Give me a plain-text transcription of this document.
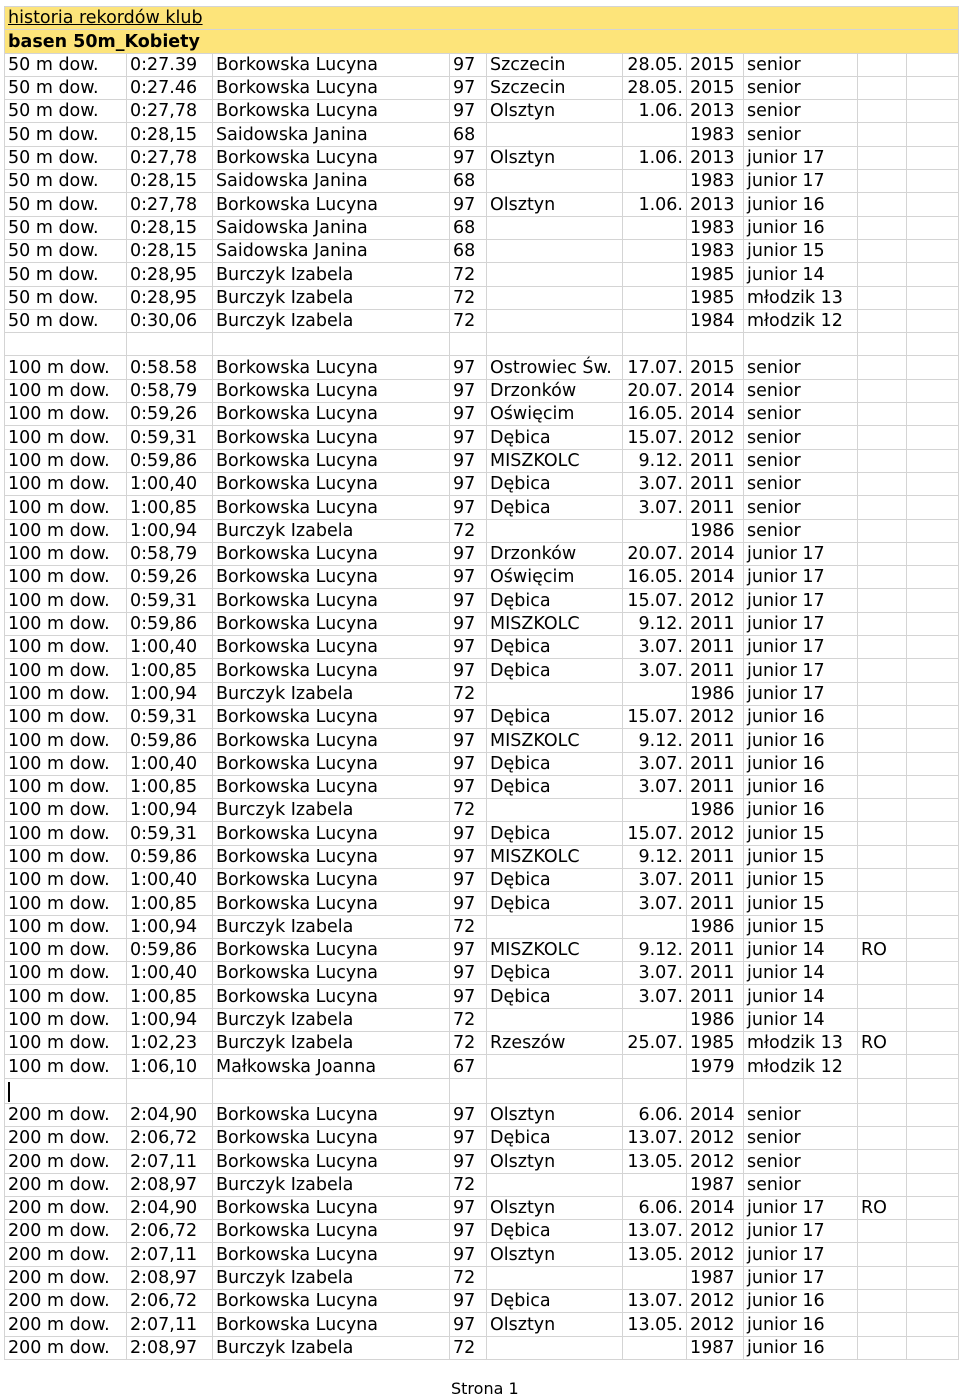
historia rekordów klub									
basen 50m_Kobiety									
50 m dow.	0:27.39	Borkowska Lucyna	97	Szczecin	28.05.	2015	senior		
50 m dow.	0:27.46	Borkowska Lucyna	97	Szczecin	28.05.	2015	senior		
50 m dow.	0:27,78	Borkowska Lucyna	97	Olsztyn	1.06.	2013	senior		
50 m dow.	0:28,15	Saidowska Janina	68			1983	senior		
50 m dow.	0:27,78	Borkowska Lucyna	97	Olsztyn	1.06.	2013	junior 17		
50 m dow.	0:28,15	Saidowska Janina	68			1983	junior 17		
50 m dow.	0:27,78	Borkowska Lucyna	97	Olsztyn	1.06.	2013	junior 16		
50 m dow.	0:28,15	Saidowska Janina	68			1983	junior 16		
50 m dow.	0:28,15	Saidowska Janina	68			1983	junior 15		
50 m dow.	0:28,95	Burczyk Izabela	72			1985	junior 14		
50 m dow.	0:28,95	Burczyk Izabela	72			1985	młodzik 13		
50 m dow.	0:30,06	Burczyk Izabela	72			1984	młodzik 12		

100 m dow.	0:58.58	Borkowska Lucyna	97	Ostrowiec Św.	17.07.	2015	senior		
100 m dow.	0:58,79	Borkowska Lucyna	97	Drzonków	20.07.	2014	senior		
100 m dow.	0:59,26	Borkowska Lucyna	97	Oświęcim	16.05.	2014	senior		
100 m dow.	0:59,31	Borkowska Lucyna	97	Dębica	15.07.	2012	senior		
100 m dow.	0:59,86	Borkowska Lucyna	97	MISZKOLC	9.12.	2011	senior		
100 m dow.	1:00,40	Borkowska Lucyna	97	Dębica	3.07.	2011	senior		
100 m dow.	1:00,85	Borkowska Lucyna	97	Dębica	3.07.	2011	senior		
100 m dow.	1:00,94	Burczyk Izabela	72			1986	senior		
100 m dow.	0:58,79	Borkowska Lucyna	97	Drzonków	20.07.	2014	junior 17		
100 m dow.	0:59,26	Borkowska Lucyna	97	Oświęcim	16.05.	2014	junior 17		
100 m dow.	0:59,31	Borkowska Lucyna	97	Dębica	15.07.	2012	junior 17		
100 m dow.	0:59,86	Borkowska Lucyna	97	MISZKOLC	9.12.	2011	junior 17		
100 m dow.	1:00,40	Borkowska Lucyna	97	Dębica	3.07.	2011	junior 17		
100 m dow.	1:00,85	Borkowska Lucyna	97	Dębica	3.07.	2011	junior 17		
100 m dow.	1:00,94	Burczyk Izabela	72			1986	junior 17		
100 m dow.	0:59,31	Borkowska Lucyna	97	Dębica	15.07.	2012	junior 16		
100 m dow.	0:59,86	Borkowska Lucyna	97	MISZKOLC	9.12.	2011	junior 16		
100 m dow.	1:00,40	Borkowska Lucyna	97	Dębica	3.07.	2011	junior 16		
100 m dow.	1:00,85	Borkowska Lucyna	97	Dębica	3.07.	2011	junior 16		
100 m dow.	1:00,94	Burczyk Izabela	72			1986	junior 16		
100 m dow.	0:59,31	Borkowska Lucyna	97	Dębica	15.07.	2012	junior 15		
100 m dow.	0:59,86	Borkowska Lucyna	97	MISZKOLC	9.12.	2011	junior 15		
100 m dow.	1:00,40	Borkowska Lucyna	97	Dębica	3.07.	2011	junior 15		
100 m dow.	1:00,85	Borkowska Lucyna	97	Dębica	3.07.	2011	junior 15		
100 m dow.	1:00,94	Burczyk Izabela	72			1986	junior 15		
100 m dow.	0:59,86	Borkowska Lucyna	97	MISZKOLC	9.12.	2011	junior 14	RO	
100 m dow.	1:00,40	Borkowska Lucyna	97	Dębica	3.07.	2011	junior 14		
100 m dow.	1:00,85	Borkowska Lucyna	97	Dębica	3.07.	2011	junior 14		
100 m dow.	1:00,94	Burczyk Izabela	72			1986	junior 14		
100 m dow.	1:02,23	Burczyk Izabela	72	Rzeszów	25.07.	1985	młodzik 13	RO	
100 m dow.	1:06,10	Małkowska Joanna	67			1979	młodzik 12		

200 m dow.	2:04,90	Borkowska Lucyna	97	Olsztyn	6.06.	2014	senior		
200 m dow.	2:06,72	Borkowska Lucyna	97	Dębica	13.07.	2012	senior		
200 m dow.	2:07,11	Borkowska Lucyna	97	Olsztyn	13.05.	2012	senior		
200 m dow.	2:08,97	Burczyk Izabela	72			1987	senior		
200 m dow.	2:04,90	Borkowska Lucyna	97	Olsztyn	6.06.	2014	junior 17	RO	
200 m dow.	2:06,72	Borkowska Lucyna	97	Dębica	13.07.	2012	junior 17		
200 m dow.	2:07,11	Borkowska Lucyna	97	Olsztyn	13.05.	2012	junior 17		
200 m dow.	2:08,97	Burczyk Izabela	72			1987	junior 17		
200 m dow.	2:06,72	Borkowska Lucyna	97	Dębica	13.07.	2012	junior 16		
200 m dow.	2:07,11	Borkowska Lucyna	97	Olsztyn	13.05.	2012	junior 16		
200 m dow.	2:08,97	Burczyk Izabela	72			1987	junior 16		
Strona 1
